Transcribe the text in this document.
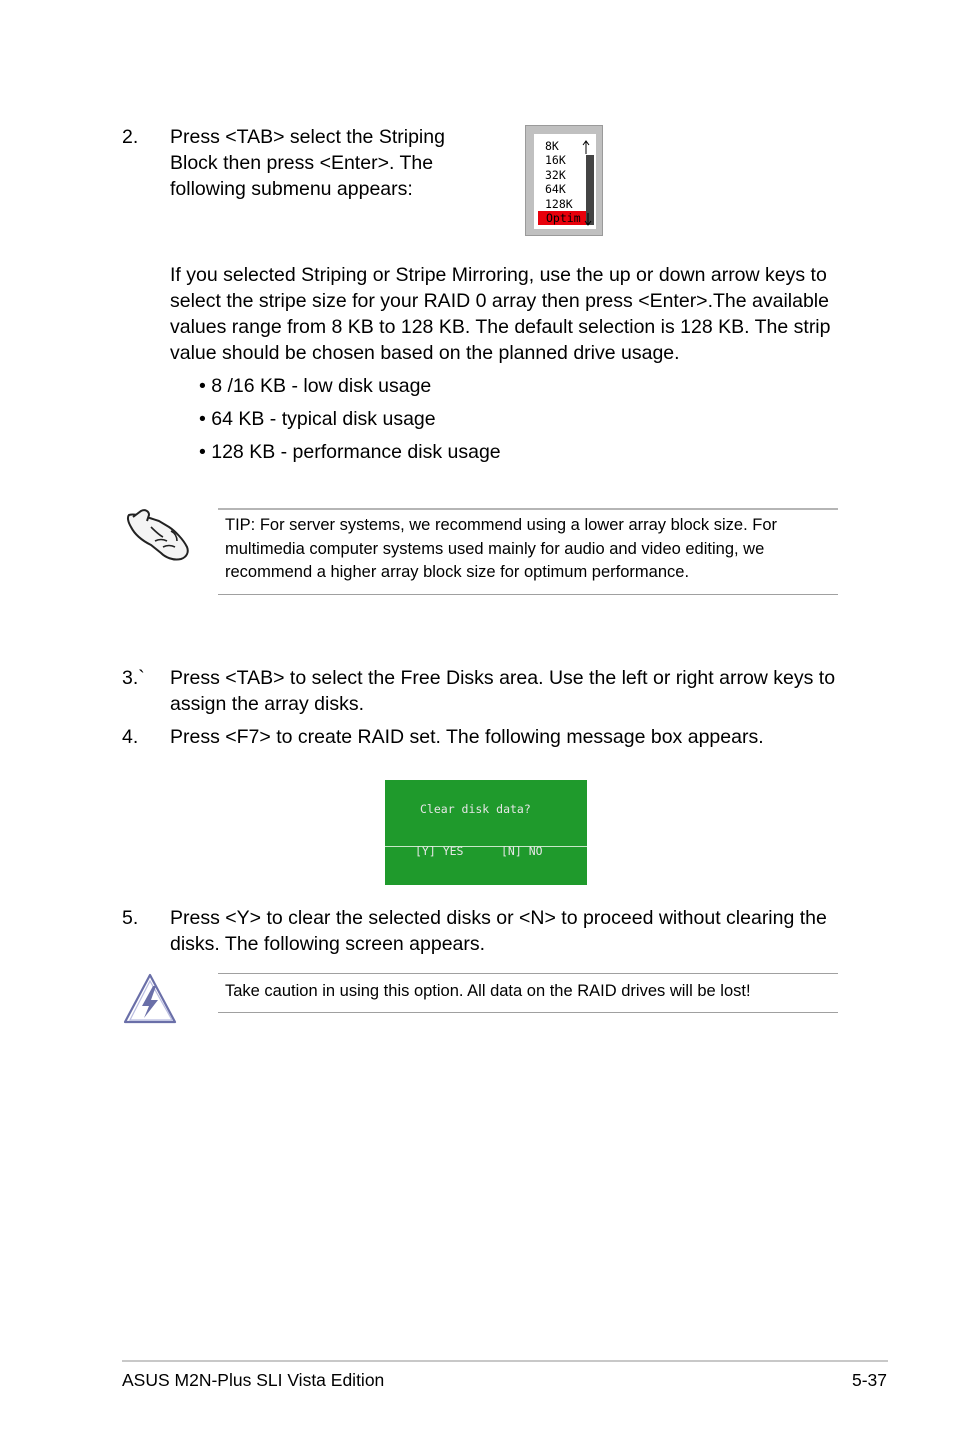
2. Press <TAB> select the Striping
Block then press <Enter>. The
following submenu appears:
8K
16K
32K
64K
128K
Optim
If you selected Striping or Stripe Mirroring, use the up or down arrow keys to
select the stripe size for your RAID 0 array then press <Enter>.The available
values range from 8 KB to 128 KB. The default selection is 128 KB. The strip
value should be chosen based on the planned drive usage.
• 8 /16 KB - low disk usage
• 64 KB - typical disk usage
• 128 KB - performance disk usage
TIP: For server systems, we recommend using a lower array block size. For
multimedia computer systems used mainly for audio and video editing, we
recommend a higher array block size for optimum performance.
3.` Press <TAB> to select the Free Disks area. Use the left or right arrow keys to
assign the array disks.
4. Press <F7> to create RAID set. The following message box appears.
Clear disk data?
[Y] YES	[N] NO
5. Press <Y> to clear the selected disks or <N> to proceed without clearing the
disks. The following screen appears.
Take caution in using this option. All data on the RAID drives will be lost!
ASUS M2N-Plus SLI Vista Edition	5-37
